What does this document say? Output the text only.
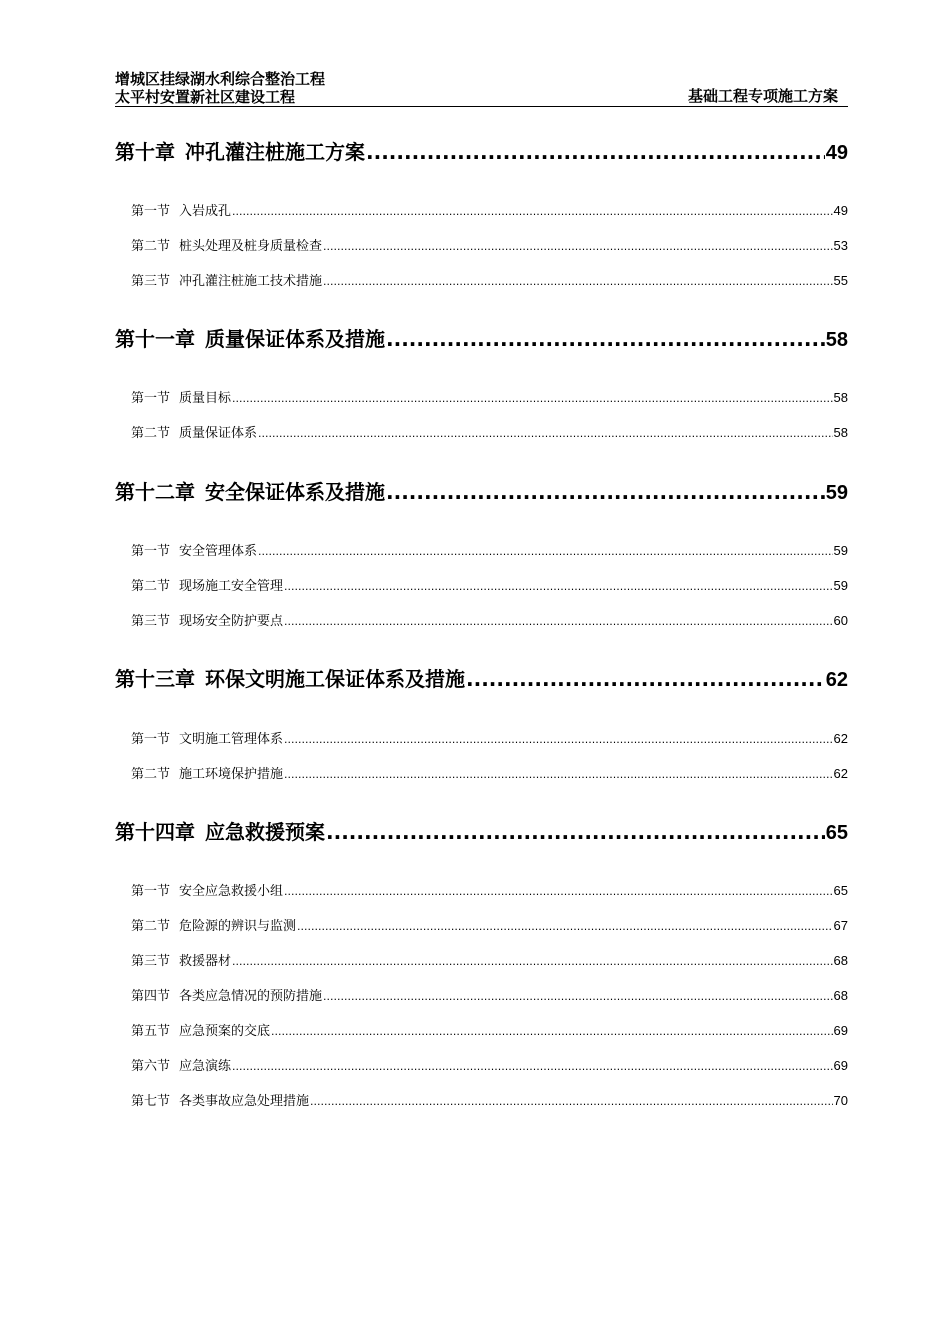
增城区挂绿湖水利综合整治工程
太平村安置新社区建设工程	基础工程专项施工方案
第十章 冲孔灌注桩施工方案 .....	49
第一节 入岩成孔 .....	49
第二节 桩头处理及桩身质量检查 .....	53
第三节 冲孔灌注桩施工技术措施 .....	55
第十一章 质量保证体系及措施 .....	58
第一节 质量目标 .....	58
第二节 质量保证体系 .....	58
第十二章 安全保证体系及措施 .....	59
第一节 安全管理体系 .....	59
第二节 现场施工安全管理 .....	59
第三节 现场安全防护要点 .....	60
第十三章 环保文明施工保证体系及措施 .....	62
第一节 文明施工管理体系 .....	62
第二节 施工环境保护措施 .....	62
第十四章 应急救援预案 .....	65
第一节 安全应急救援小组 .....	65
第二节 危险源的辨识与监测 .....	67
第三节 救援器材 .....	68
第四节 各类应急情况的预防措施 .....	68
第五节 应急预案的交底 .....	69
第六节 应急演练 .....	69
第七节 各类事故应急处理措施 .....	70
